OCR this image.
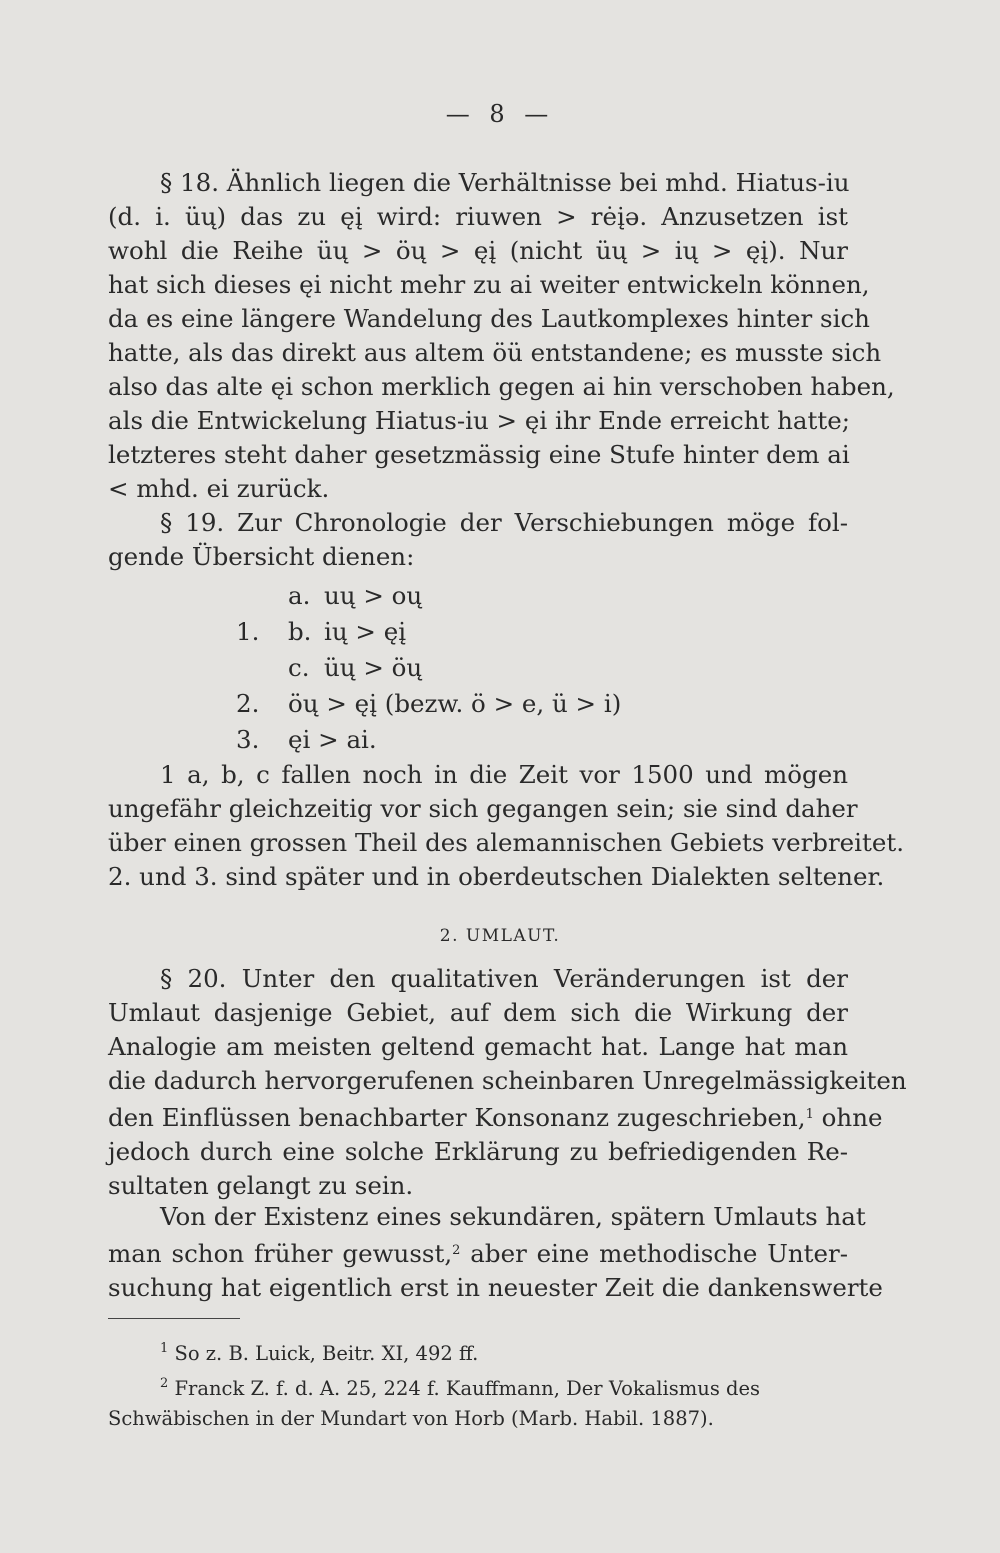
— 8 —
§ 18. Ähnlich liegen die Verhältnisse bei mhd. Hiatus-iu
(d. i. üų) das zu ęį wird: riuwen > rėįə. Anzusetzen ist
wohl die Reihe üų > öų > ęį (nicht üų > ių > ęį). Nur
hat sich dieses ęi nicht mehr zu ai weiter entwickeln können,
da es eine längere Wandelung des Lautkomplexes hinter sich
hatte, als das direkt aus altem öü entstandene; es musste sich
also das alte ęi schon merklich gegen ai hin verschoben haben,
als die Entwickelung Hiatus-iu > ęi ihr Ende erreicht hatte;
letzteres steht daher gesetzmässig eine Stufe hinter dem ai
< mhd. ei zurück.
§ 19. Zur Chronologie der Verschiebungen möge fol-
gende Übersicht dienen:
a. uų > oų
1.	b. ių > ęį
c. üų > öų
2.	öų > ęį (bezw. ö > e, ü > i)
3.	ęi > ai.
1 a, b, c fallen noch in die Zeit vor 1500 und mögen
ungefähr gleichzeitig vor sich gegangen sein; sie sind daher
über einen grossen Theil des alemannischen Gebiets verbreitet.
2. und 3. sind später und in oberdeutschen Dialekten seltener.
2. UMLAUT.
§ 20. Unter den qualitativen Veränderungen ist der
Umlaut dasjenige Gebiet, auf dem sich die Wirkung der
Analogie am meisten geltend gemacht hat. Lange hat man
die dadurch hervorgerufenen scheinbaren Unregelmässigkeiten
den Einflüssen benachbarter Konsonanz zugeschrieben,$^1$ ohne
jedoch durch eine solche Erklärung zu befriedigenden Re-
sultaten gelangt zu sein.
Von der Existenz eines sekundären, spätern Umlauts hat
man schon früher gewusst,$^2$ aber eine methodische Unter-
suchung hat eigentlich erst in neuester Zeit die dankenswerte
$^1$ So z. B. Luick, Beitr. XI, 492 ff.
$^2$ Franck Z. f. d. A. 25, 224 f. Kauffmann, Der Vokalismus des
Schwäbischen in der Mundart von Horb (Marb. Habil. 1887).
